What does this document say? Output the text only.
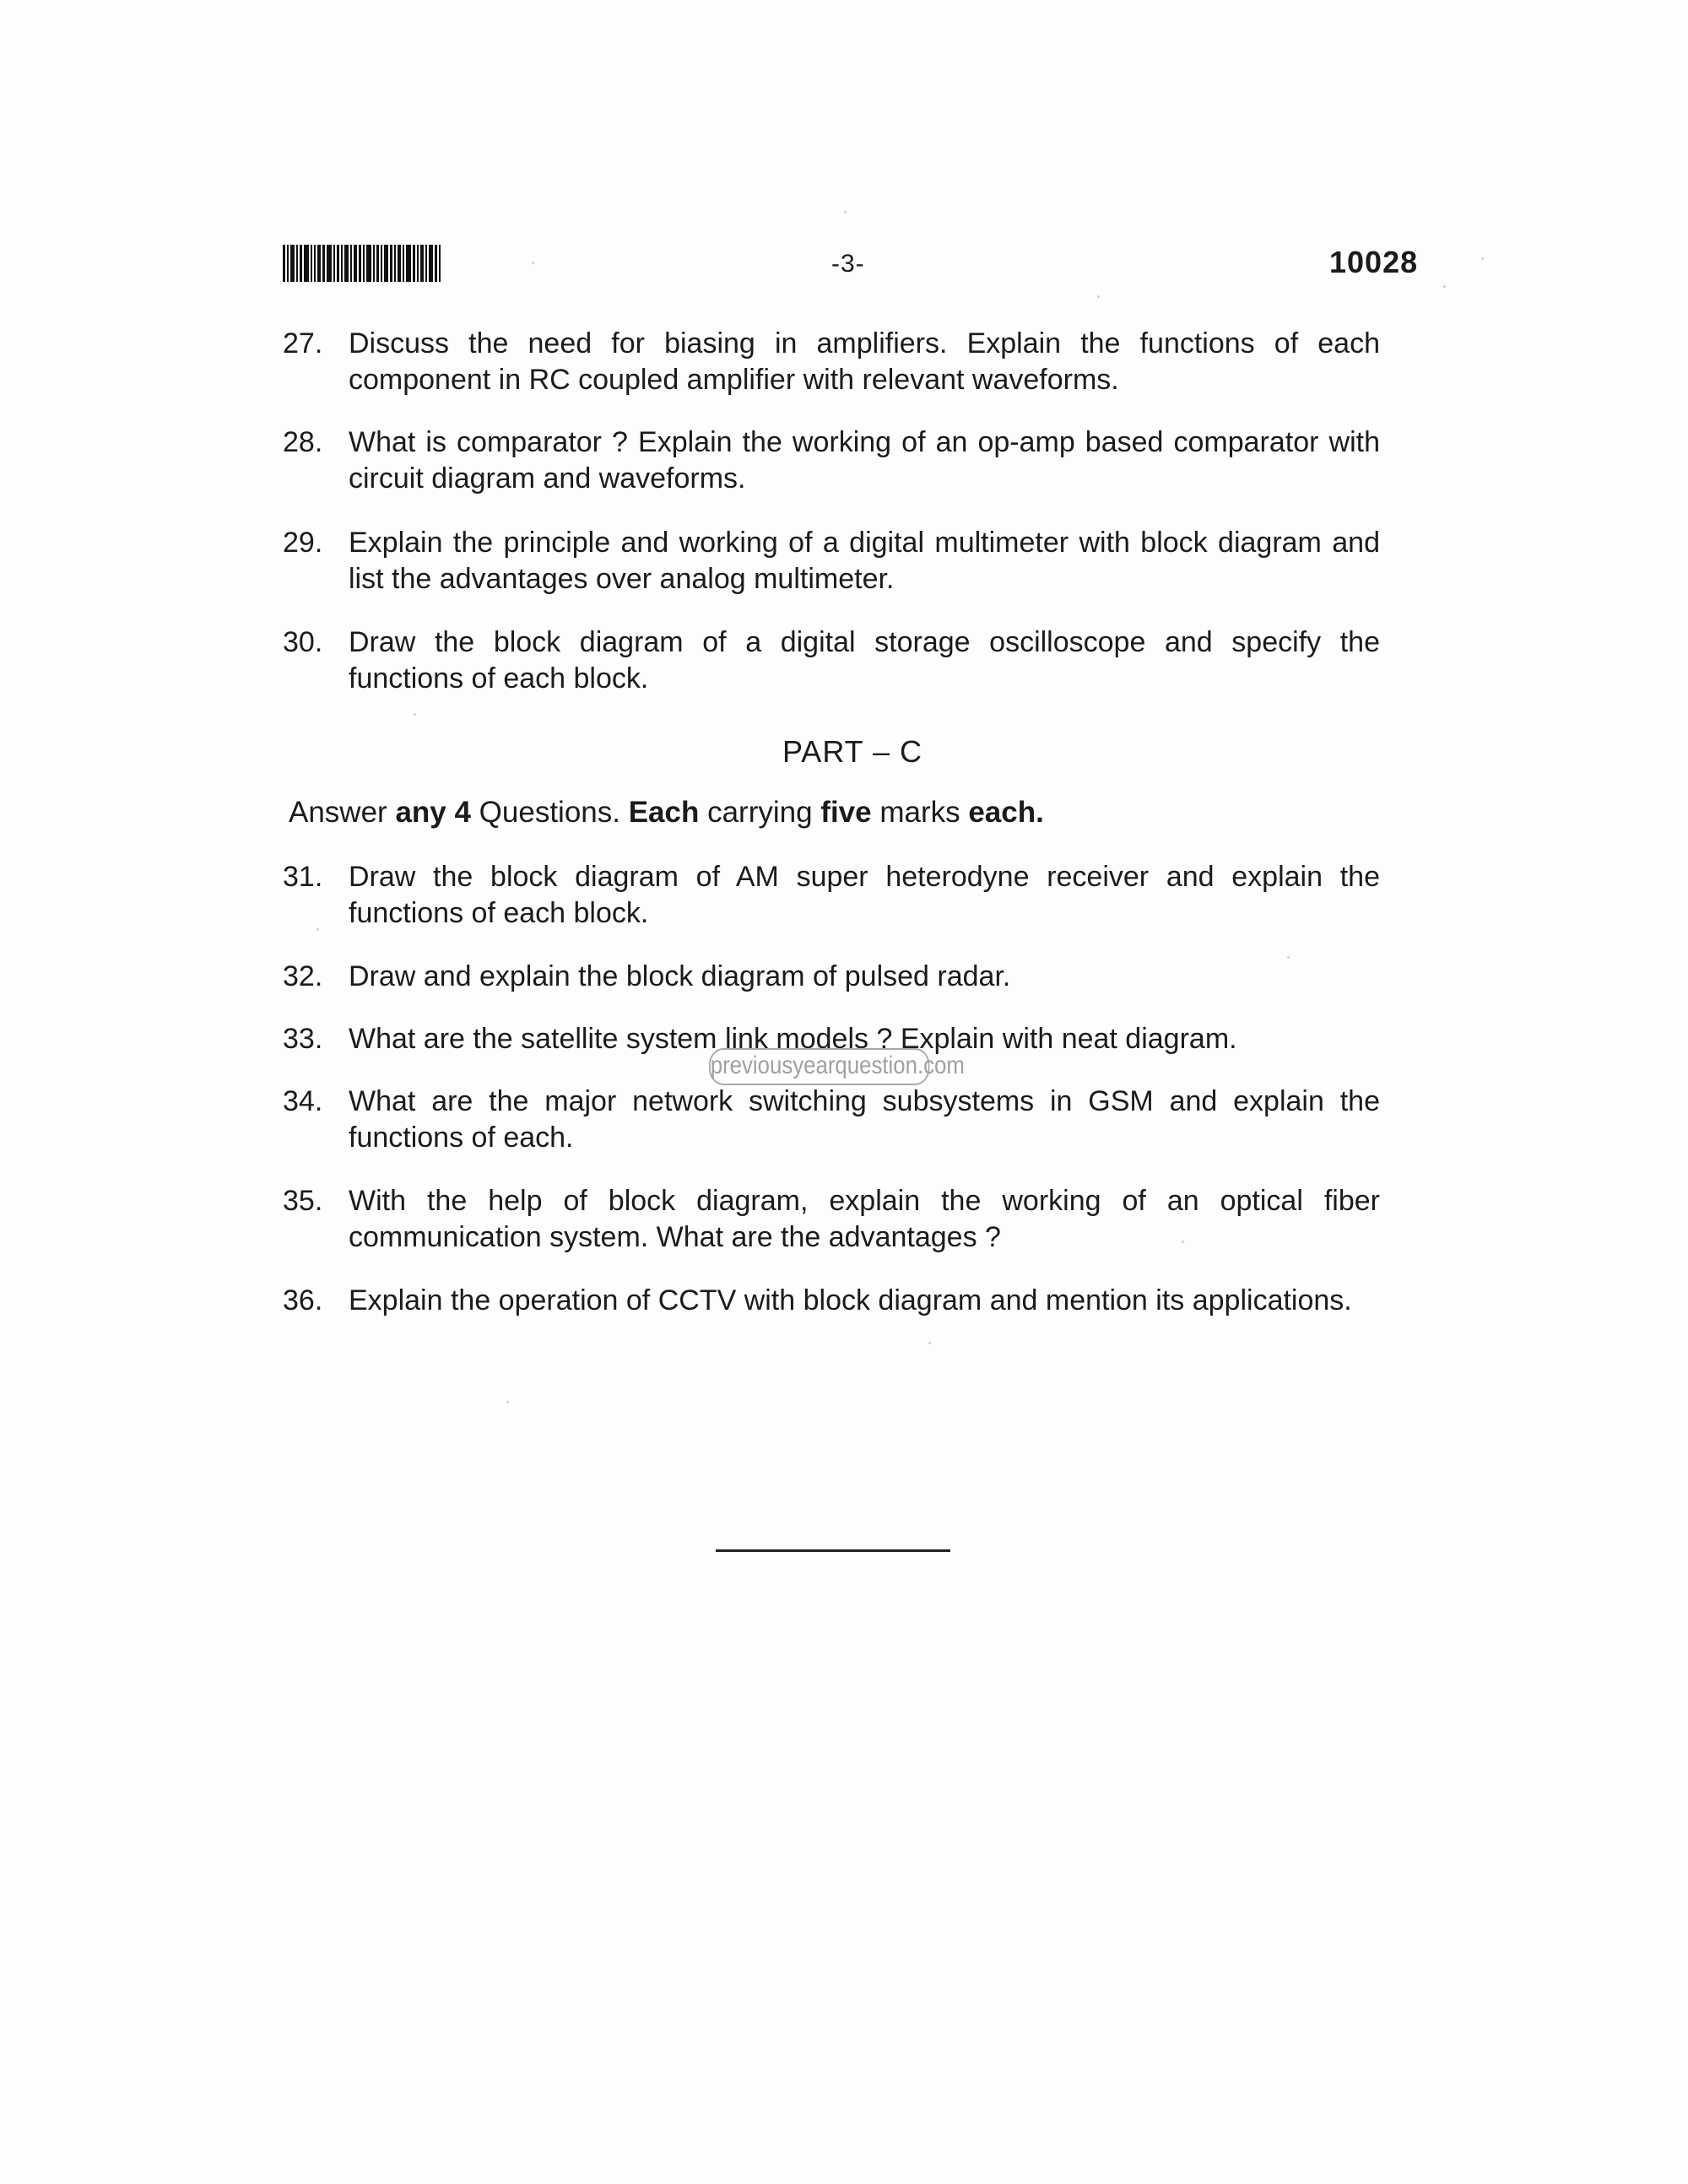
-3-	10028
27. Discuss the need for biasing in amplifiers. Explain the functions of each component in RC coupled amplifier with relevant waveforms.
28. What is comparator ? Explain the working of an op-amp based comparator with circuit diagram and waveforms.
29. Explain the principle and working of a digital multimeter with block diagram and list the advantages over analog multimeter.
30. Draw the block diagram of a digital storage oscilloscope and specify the functions of each block.
PART – C
Answer any 4 Questions. Each carrying five marks each.
31. Draw the block diagram of AM super heterodyne receiver and explain the functions of each block.
32. Draw and explain the block diagram of pulsed radar.
33. What are the satellite system link models ? Explain with neat diagram.
34. What are the major network switching subsystems in GSM and explain the functions of each.
35. With the help of block diagram, explain the working of an optical fiber communication system. What are the advantages ?
36. Explain the operation of CCTV with block diagram and mention its applications.
previousyearquestion.com
